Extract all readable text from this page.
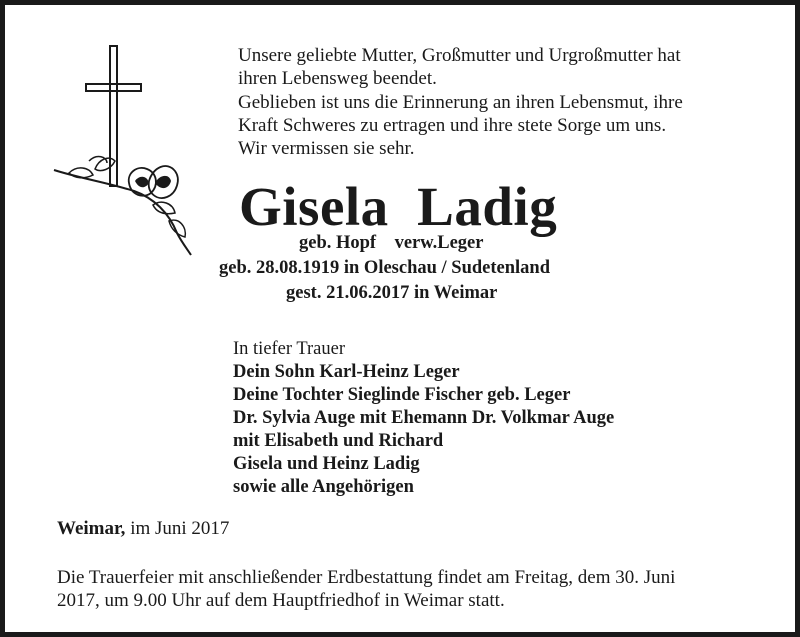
Unsere geliebte Mutter, Großmutter und Urgroßmutter hat
ihren Lebensweg beendet.
Geblieben ist uns die Erinnerung an ihren Lebensmut, ihre
Kraft Schweres zu ertragen und ihre stete Sorge um uns.
Wir vermissen sie sehr.
Gisela  Ladig
geb. Hopf    verw.Leger
geb. 28.08.1919 in Oleschau / Sudetenland
gest. 21.06.2017 in Weimar
In tiefer Trauer
Dein Sohn Karl-Heinz Leger
Deine Tochter Sieglinde Fischer geb. Leger
Dr. Sylvia Auge mit Ehemann Dr. Volkmar Auge
mit Elisabeth und Richard
Gisela und Heinz Ladig
sowie alle Angehörigen
Weimar, im Juni 2017
Die Trauerfeier mit anschließender Erdbestattung findet am Freitag, dem 30. Juni
2017, um 9.00 Uhr auf dem Hauptfriedhof in Weimar statt.
